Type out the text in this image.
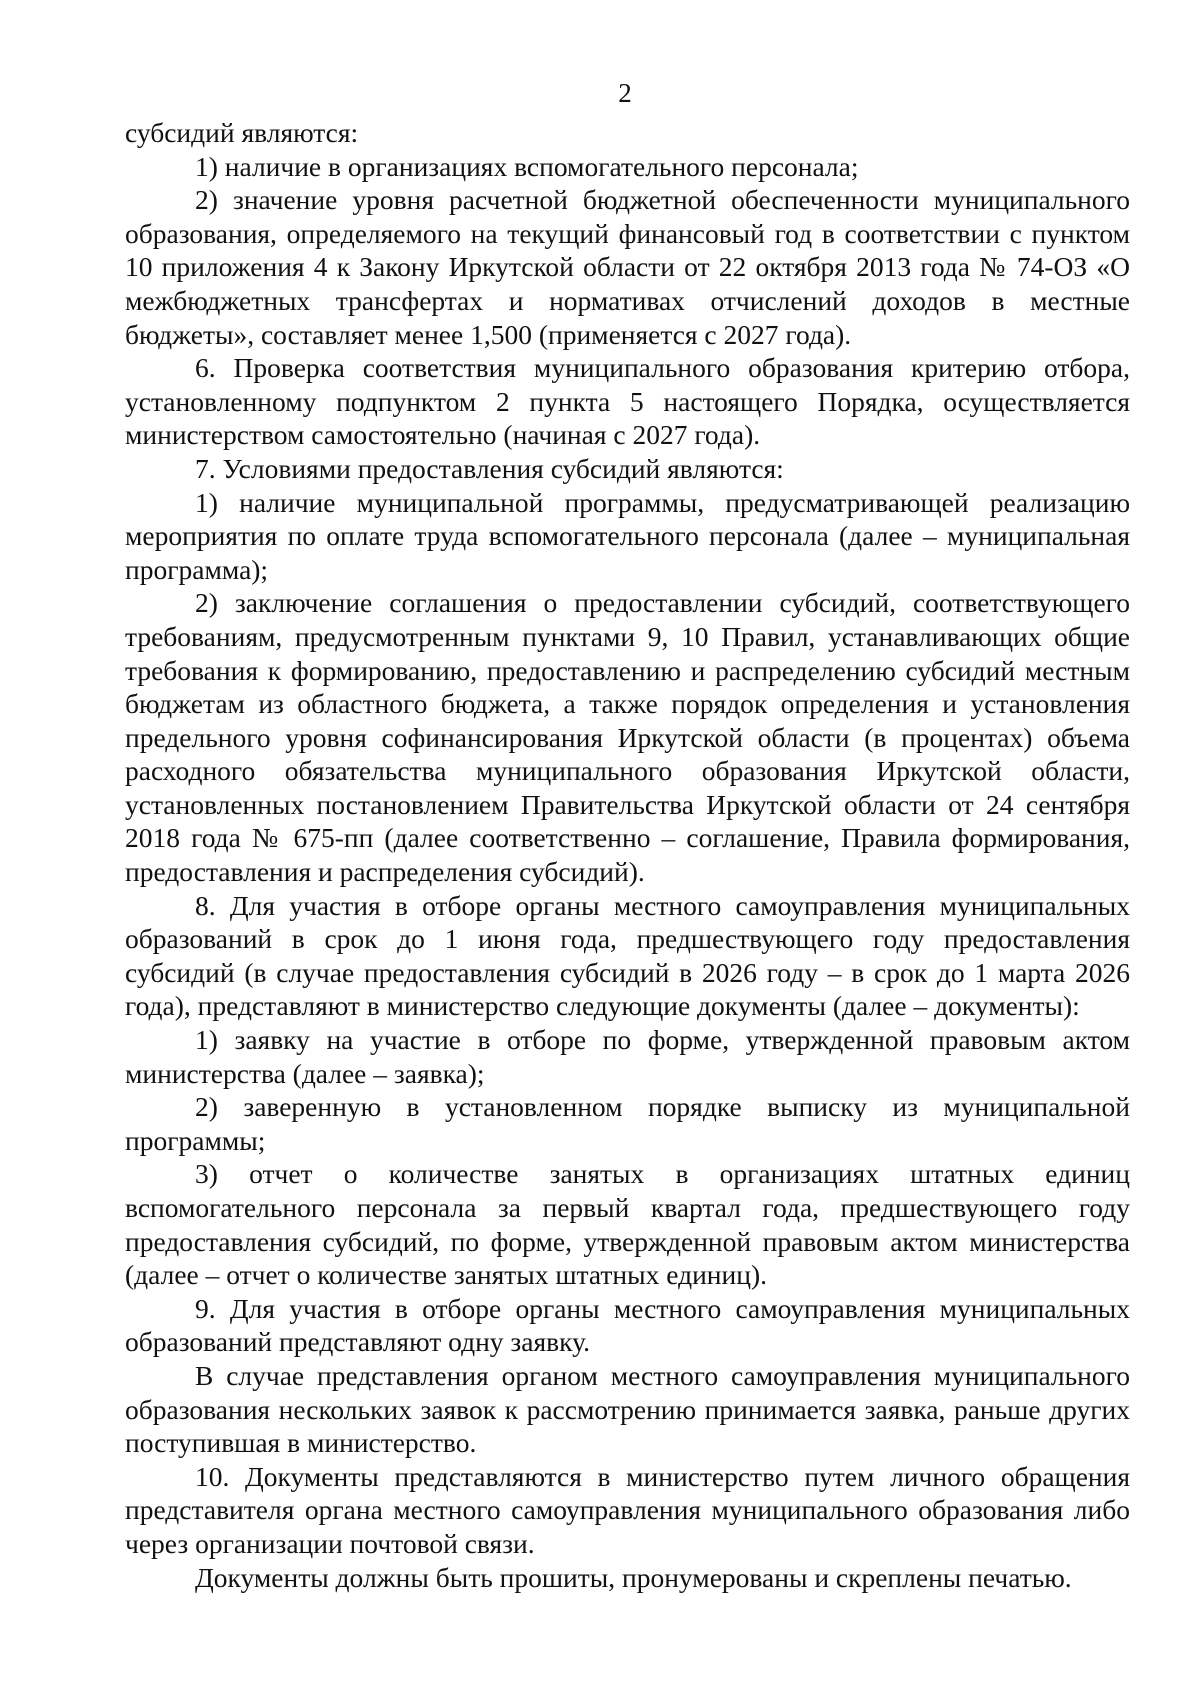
2

субсидий являются:

1) наличие в организациях вспомогательного персонала;

2) значение уровня расчетной бюджетной обеспеченности муниципального образования, определяемого на текущий финансовый год в соответствии с пунктом 10 приложения 4 к Закону Иркутской области от 22 октября 2013 года № 74-ОЗ «О межбюджетных трансфертах и нормативах отчислений доходов в местные бюджеты», составляет менее 1,500 (применяется с 2027 года).

6. Проверка соответствия муниципального образования критерию отбора, установленному подпунктом 2 пункта 5 настоящего Порядка, осуществляется министерством самостоятельно (начиная с 2027 года).

7. Условиями предоставления субсидий являются:

1) наличие муниципальной программы, предусматривающей реализацию мероприятия по оплате труда вспомогательного персонала (далее – муниципальная программа);

2) заключение соглашения о предоставлении субсидий, соответствующего требованиям, предусмотренным пунктами 9, 10 Правил, устанавливающих общие требования к формированию, предоставлению и распределению субсидий местным бюджетам из областного бюджета, а также порядок определения и установления предельного уровня софинансирования Иркутской области (в процентах) объема расходного обязательства муниципального образования Иркутской области, установленных постановлением Правительства Иркутской области от 24 сентября 2018 года № 675-пп (далее соответственно – соглашение, Правила формирования, предоставления и распределения субсидий).

8. Для участия в отборе органы местного самоуправления муниципальных образований в срок до 1 июня года, предшествующего году предоставления субсидий (в случае предоставления субсидий в 2026 году – в срок до 1 марта 2026 года), представляют в министерство следующие документы (далее – документы):

1) заявку на участие в отборе по форме, утвержденной правовым актом министерства (далее – заявка);

2) заверенную в установленном порядке выписку из муниципальной программы;

3) отчет о количестве занятых в организациях штатных единиц вспомогательного персонала за первый квартал года, предшествующего году предоставления субсидий, по форме, утвержденной правовым актом министерства (далее – отчет о количестве занятых штатных единиц).

9. Для участия в отборе органы местного самоуправления муниципальных образований представляют одну заявку.

В случае представления органом местного самоуправления муниципального образования нескольких заявок к рассмотрению принимается заявка, раньше других поступившая в министерство.

10. Документы представляются в министерство путем личного обращения представителя органа местного самоуправления муниципального образования либо через организации почтовой связи.

Документы должны быть прошиты, пронумерованы и скреплены печатью.
